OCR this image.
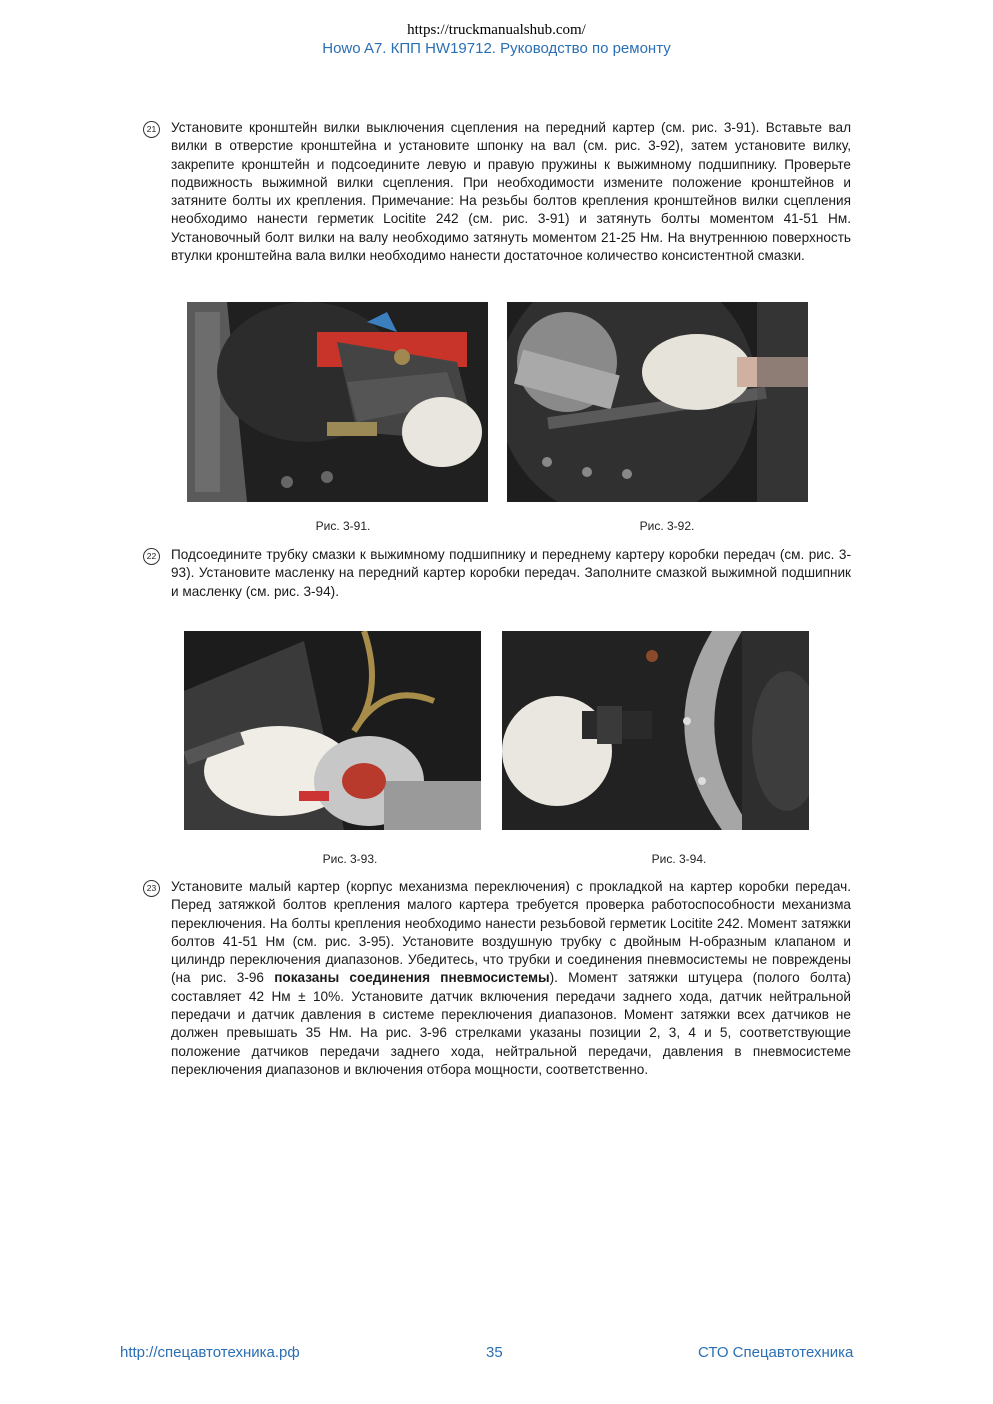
https://truckmanualshub.com/
Howo A7. КПП HW19712. Руководство по ремонту
21 Установите кронштейн вилки выключения сцепления на передний картер (см. рис. 3-91). Вставьте вал вилки в отверстие кронштейна и установите шпонку на вал (см. рис. 3-92), затем установите вилку, закрепите кронштейн и подсоедините левую и правую пружины к выжимному подшипнику. Проверьте подвижность выжимной вилки сцепления. При необходимости измените положение кронштейнов и затяните болты их крепления. Примечание: На резьбы болтов крепления кронштейнов вилки сцепления необходимо нанести герметик Locitite 242 (см. рис. 3-91) и затянуть болты моментом 41-51 Нм. Установочный болт вилки на валу необходимо затянуть моментом 21-25 Нм. На внутреннюю поверхность втулки кронштейна вала вилки необходимо нанести достаточное количество консистентной смазки.
Рис. 3-91.	Рис. 3-92.
22 Подсоедините трубку смазки к выжимному подшипнику и переднему картеру коробки передач (см. рис. 3-93). Установите масленку на передний картер коробки передач. Заполните смазкой выжимной подшипник и масленку (см. рис. 3-94).
Рис. 3-93.	Рис. 3-94.
23 Установите малый картер (корпус механизма переключения) с прокладкой на картер коробки передач. Перед затяжкой болтов крепления малого картера требуется проверка работоспособности механизма переключения. На болты крепления необходимо нанести резьбовой герметик Locitite 242. Момент затяжки болтов 41-51 Нм (см. рис. 3-95). Установите воздушную трубку с двойным H-образным клапаном и цилиндр переключения диапазонов. Убедитесь, что трубки и соединения пневмосистемы не повреждены (на рис. 3-96 показаны соединения пневмосистемы). Момент затяжки штуцера (полого болта) составляет 42 Нм ± 10%. Установите датчик включения передачи заднего хода, датчик нейтральной передачи и датчик давления в системе переключения диапазонов. Момент затяжки всех датчиков не должен превышать 35 Нм. На рис. 3-96 стрелками указаны позиции 2, 3, 4 и 5, соответствующие положение датчиков передачи заднего хода, нейтральной передачи, давления в пневмосистеме переключения диапазонов и включения отбора мощности, соответственно.
http://спецавтотехника.рф	35	СТО Спецавтотехника
